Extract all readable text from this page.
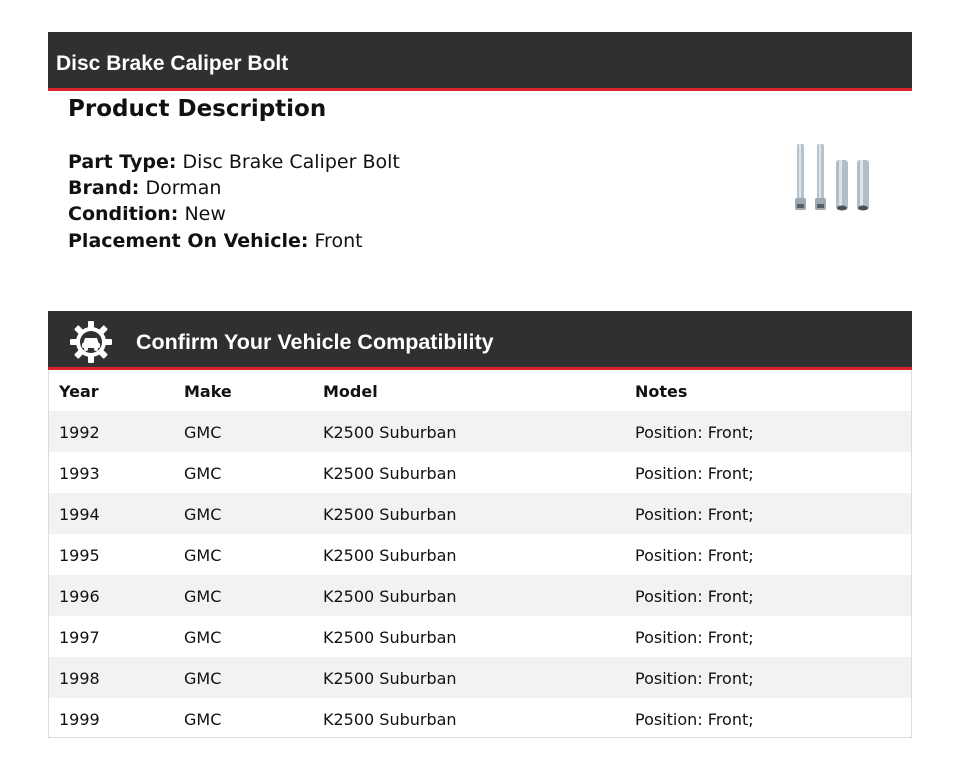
Disc Brake Caliper Bolt
Product Description
Part Type: Disc Brake Caliper Bolt
Brand: Dorman
Condition: New
Placement On Vehicle: Front
Confirm Your Vehicle Compatibility
Year	Make	Model	Notes
1992	GMC	K2500 Suburban	Position: Front;
1993	GMC	K2500 Suburban	Position: Front;
1994	GMC	K2500 Suburban	Position: Front;
1995	GMC	K2500 Suburban	Position: Front;
1996	GMC	K2500 Suburban	Position: Front;
1997	GMC	K2500 Suburban	Position: Front;
1998	GMC	K2500 Suburban	Position: Front;
1999	GMC	K2500 Suburban	Position: Front;
